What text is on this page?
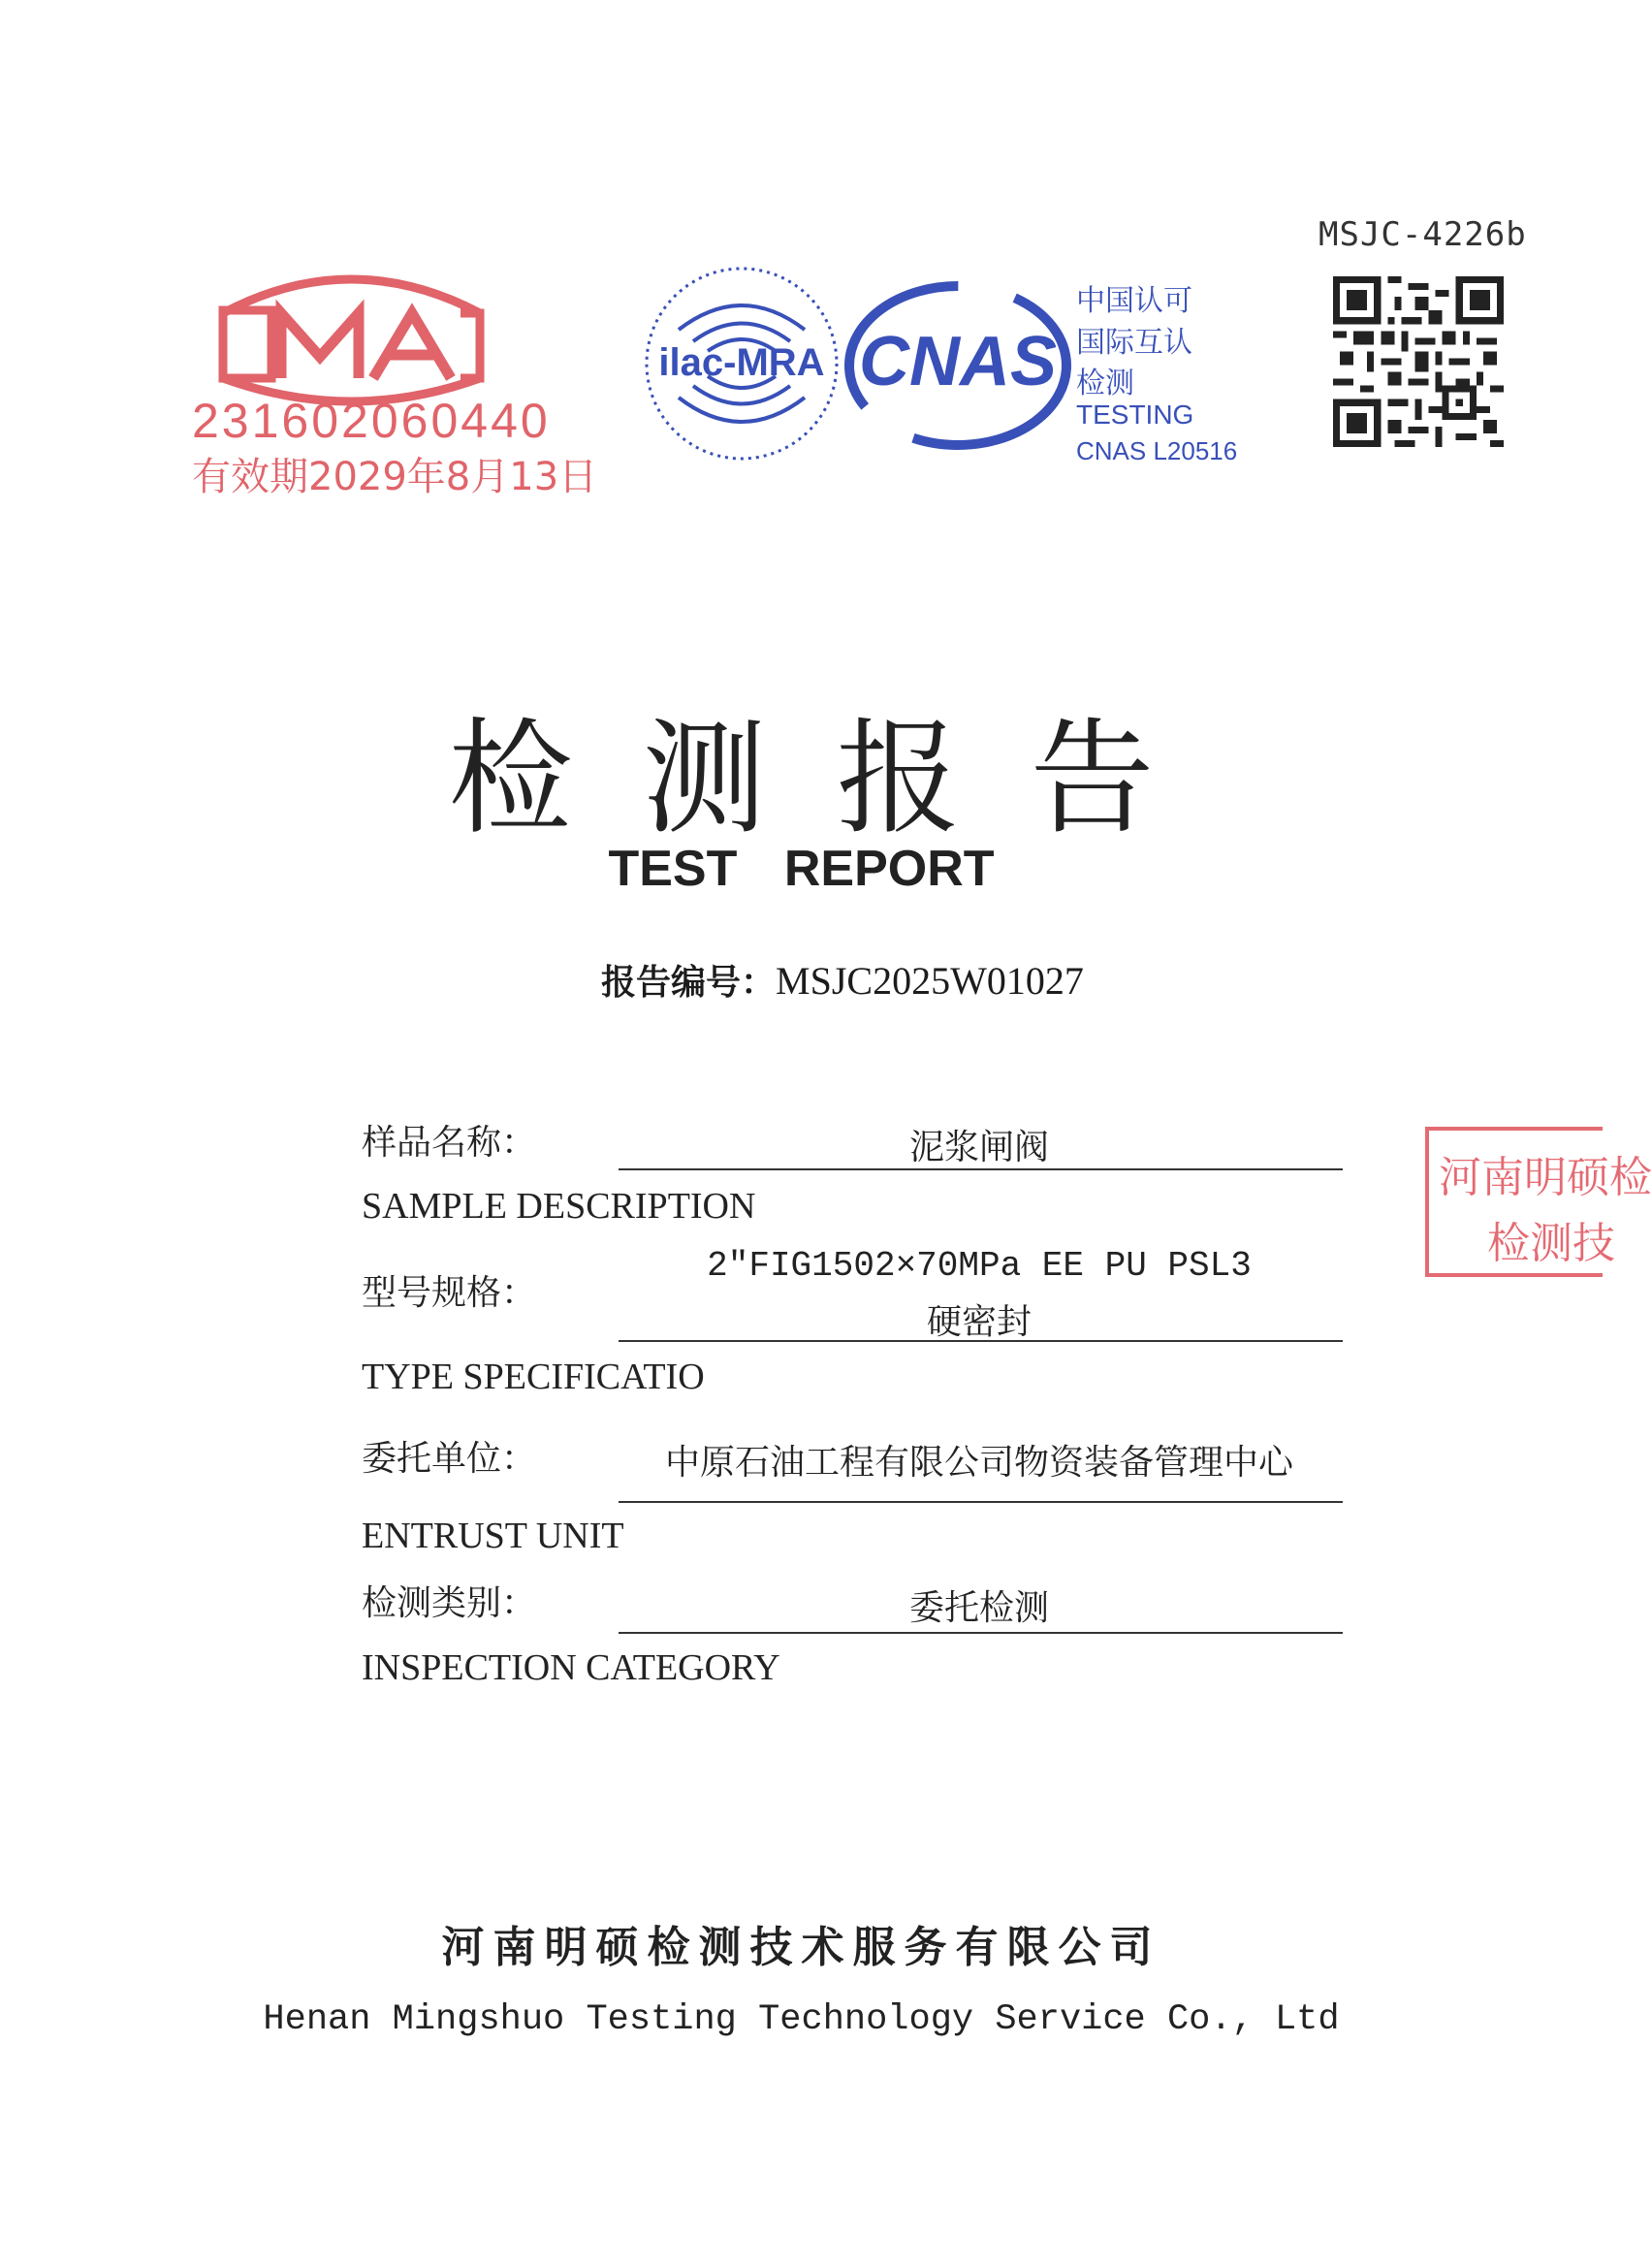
MSJC-4226b
231602060440
有效期2029年8月13日
ilac-MRA CNAS
中国认可
国际互认
检测
TESTING
CNAS L20516
检测报告
TEST REPORT
报告编号：MSJC2025W01027
样品名称：	泥浆闸阀
SAMPLE DESCRIPTION
型号规格：
2″FIG1502×70MPa EE PU PSL3
硬密封
TYPE SPECIFICATIO
委托单位：	中原石油工程有限公司物资装备管理中心
ENTRUST UNIT
检测类别：	委托检测
INSPECTION CATEGORY
河南明硕检
检测技
河南明硕检测技术服务有限公司
Henan Mingshuo Testing Technology Service Co., Ltd
